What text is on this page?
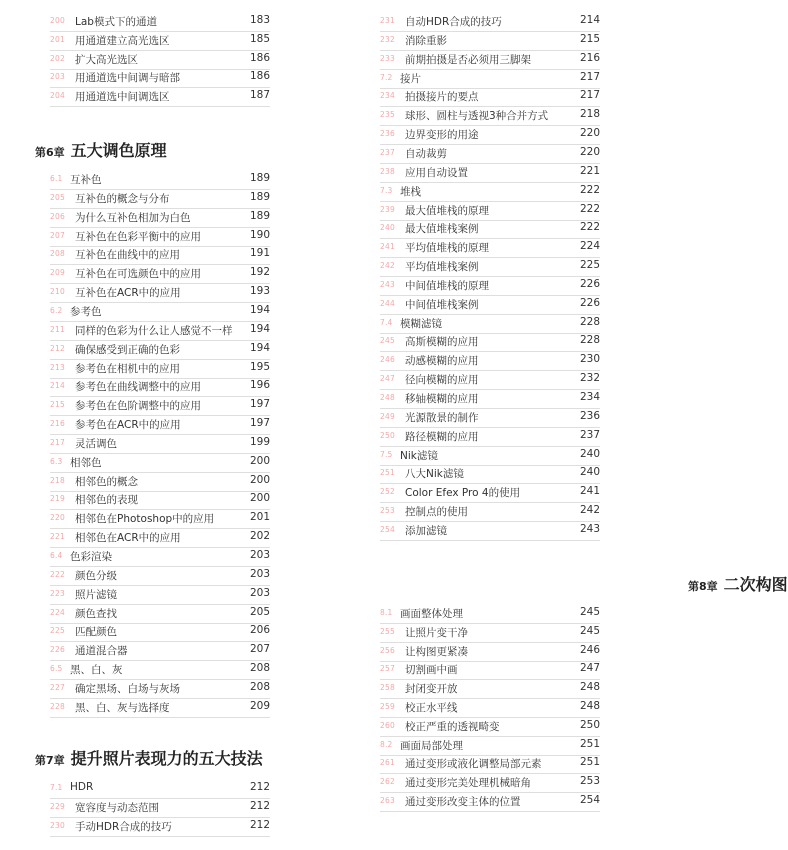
200 Lab模式下的通道	183
201 用通道建立高光选区	185
202 扩大高光选区	186
203 用通道选中间调与暗部	186
204 用通道选中间调选区	187
第6章 五大调色原理
6.1 互补色	189
205 互补色的概念与分布	189
206 为什么互补色相加为白色	189
207 互补色在色彩平衡中的应用	190
208 互补色在曲线中的应用	191
209 互补色在可选颜色中的应用	192
210 互补色在ACR中的应用	193
6.2 参考色	194
211 同样的色彩为什么让人感觉不一样 194
212 确保感受到正确的色彩	194
213 参考色在相机中的应用	195
214 参考色在曲线调整中的应用	196
215 参考色在色阶调整中的应用	197
216 参考色在ACR中的应用	197
217 灵活调色	199
6.3 相邻色	200
218 相邻色的概念	200
219 相邻色的表现	200
220 相邻色在Photoshop中的应用	201
221 相邻色在ACR中的应用	202
6.4 色彩渲染	203
222 颜色分级	203
223 照片滤镜	203
224 颜色查找	205
225 匹配颜色	206
226 通道混合器	207
6.5 黑、白、灰	208
227 确定黑场、白场与灰场	208
228 黑、白、灰与选择度	209
第7章 提升照片表现力的五大技法
7.1 HDR	212
229 宽容度与动态范围	212
230 手动HDR合成的技巧	212
231 自动HDR合成的技巧	214
232 消除重影	215
233 前期拍摄是否必须用三脚架	216
7.2 接片	217
234 拍摄接片的要点	217
235 球形、圆柱与透视3种合并方式	218
236 边界变形的用途	220
237 自动裁剪	220
238 应用自动设置	221
7.3 堆栈	222
239 最大值堆栈的原理	222
240 最大值堆栈案例	222
241 平均值堆栈的原理	224
242 平均值堆栈案例	225
243 中间值堆栈的原理	226
244 中间值堆栈案例	226
7.4 模糊滤镜	228
245 高斯模糊的应用	228
246 动感模糊的应用	230
247 径向模糊的应用	232
248 移轴模糊的应用	234
249 光源散景的制作	236
250 路径模糊的应用	237
7.5 Nik滤镜	240
251 八大Nik滤镜	240
252 Color Efex Pro 4的使用	241
253 控制点的使用	242
254 添加滤镜	243
第8章 二次构图
8.1 画面整体处理	245
255 让照片变干净	245
256 让构图更紧凑	246
257 切割画中画	247
258 封闭变开放	248
259 校正水平线	248
260 校正严重的透视畸变	250
8.2 画面局部处理	251
261 通过变形或液化调整局部元素	251
262 通过变形完美处理机械暗角	253
263 通过变形改变主体的位置	254
